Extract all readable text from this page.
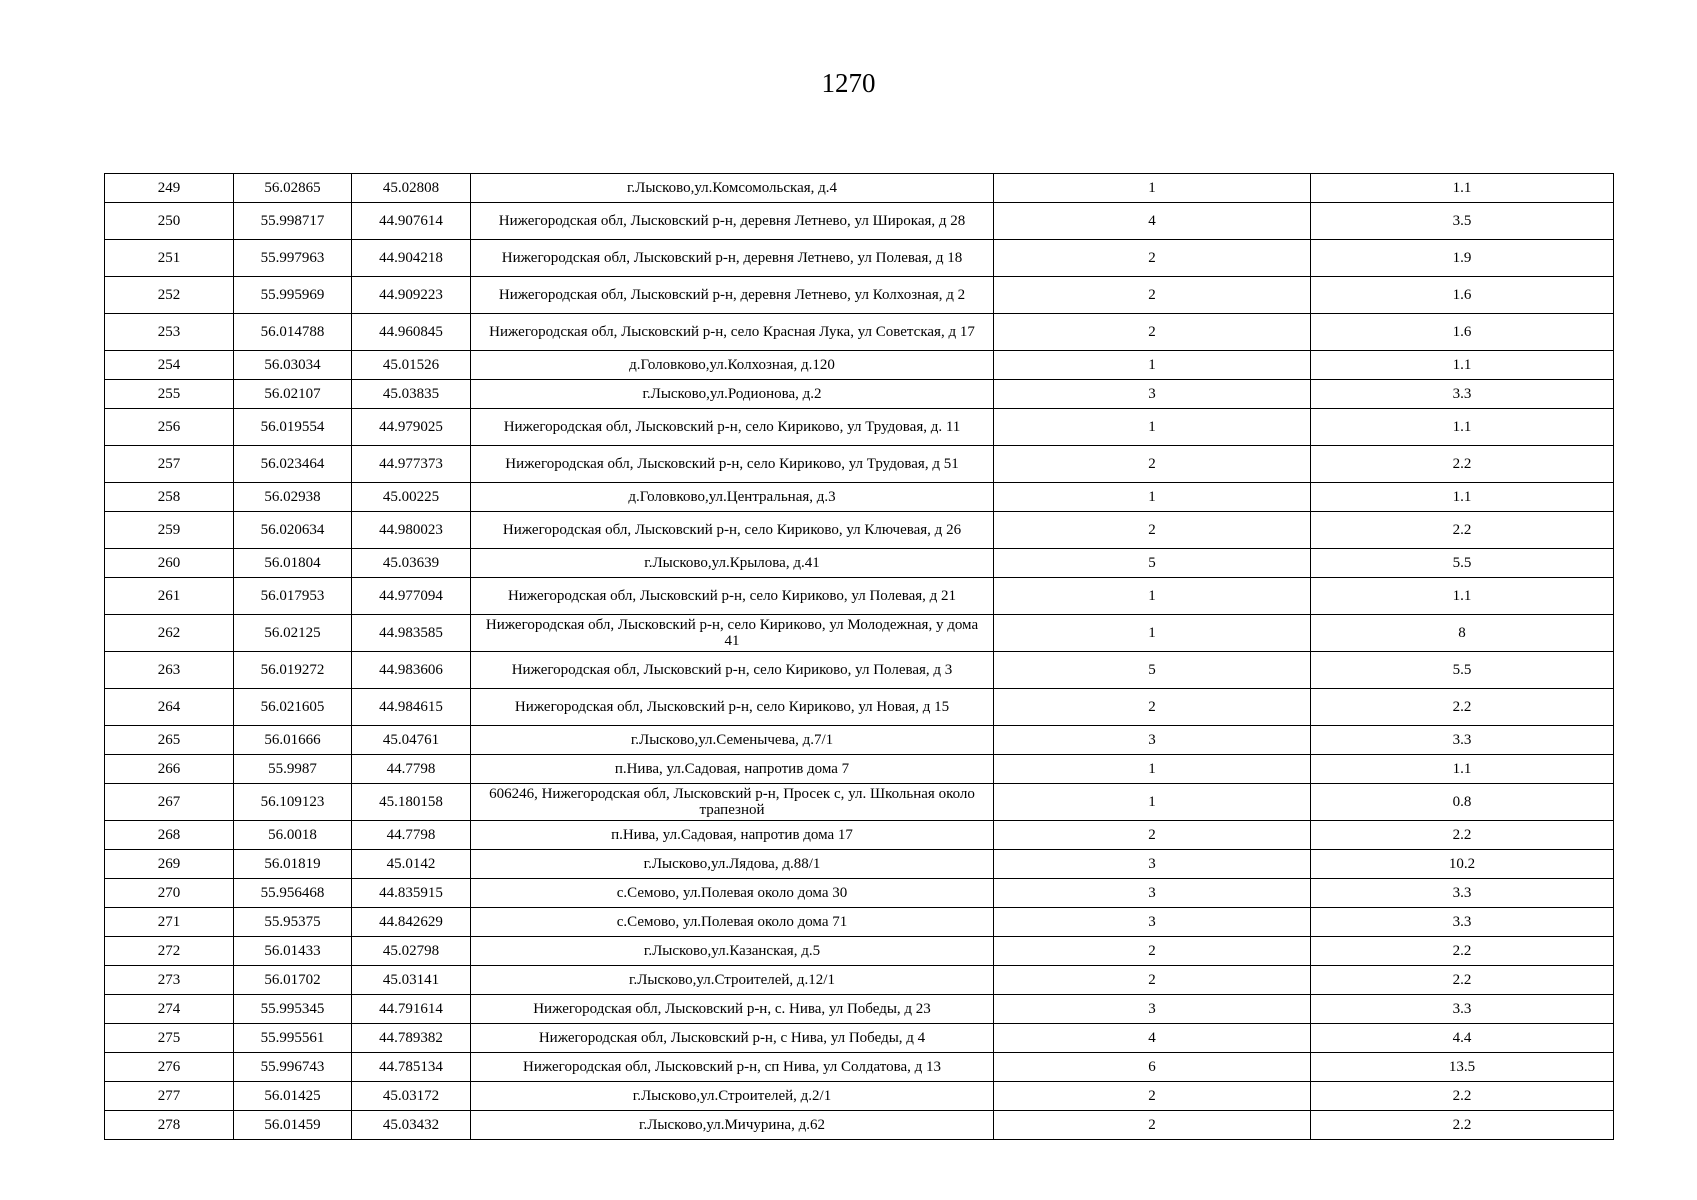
1270
249	56.02865	45.02808	г.Лысково,ул.Комсомольская, д.4	1	1.1
250	55.998717	44.907614	Нижегородская обл, Лысковский р-н, деревня Летнево, ул Широкая, д 28	4	3.5
251	55.997963	44.904218	Нижегородская обл, Лысковский р-н, деревня Летнево, ул Полевая, д 18	2	1.9
252	55.995969	44.909223	Нижегородская обл, Лысковский р-н, деревня Летнево, ул Колхозная, д 2	2	1.6
253	56.014788	44.960845	Нижегородская обл, Лысковский р-н, село Красная Лука, ул Советская, д 17	2	1.6
254	56.03034	45.01526	д.Головково,ул.Колхозная, д.120	1	1.1
255	56.02107	45.03835	г.Лысково,ул.Родионова, д.2	3	3.3
256	56.019554	44.979025	Нижегородская обл, Лысковский р-н, село Кириково, ул Трудовая, д. 11	1	1.1
257	56.023464	44.977373	Нижегородская обл, Лысковский р-н, село Кириково, ул Трудовая, д 51	2	2.2
258	56.02938	45.00225	д.Головково,ул.Центральная, д.3	1	1.1
259	56.020634	44.980023	Нижегородская обл, Лысковский р-н, село Кириково, ул Ключевая, д 26	2	2.2
260	56.01804	45.03639	г.Лысково,ул.Крылова, д.41	5	5.5
261	56.017953	44.977094	Нижегородская обл, Лысковский р-н, село Кириково, ул Полевая, д 21	1	1.1
262	56.02125	44.983585	Нижегородская обл, Лысковский р-н, село Кириково, ул Молодежная, у дома 41	1	8
263	56.019272	44.983606	Нижегородская обл, Лысковский р-н, село Кириково, ул Полевая, д 3	5	5.5
264	56.021605	44.984615	Нижегородская обл, Лысковский р-н, село Кириково, ул Новая, д 15	2	2.2
265	56.01666	45.04761	г.Лысково,ул.Семенычева, д.7/1	3	3.3
266	55.9987	44.7798	п.Нива, ул.Садовая, напротив дома 7	1	1.1
267	56.109123	45.180158	606246, Нижегородская обл, Лысковский р-н, Просек с, ул. Школьная около трапезной	1	0.8
268	56.0018	44.7798	п.Нива, ул.Садовая, напротив дома 17	2	2.2
269	56.01819	45.0142	г.Лысково,ул.Лядова, д.88/1	3	10.2
270	55.956468	44.835915	с.Семово, ул.Полевая около дома 30	3	3.3
271	55.95375	44.842629	с.Семово, ул.Полевая около дома 71	3	3.3
272	56.01433	45.02798	г.Лысково,ул.Казанская, д.5	2	2.2
273	56.01702	45.03141	г.Лысково,ул.Строителей, д.12/1	2	2.2
274	55.995345	44.791614	Нижегородская обл, Лысковский р-н, с. Нива, ул Победы, д 23	3	3.3
275	55.995561	44.789382	Нижегородская обл, Лысковский р-н, с Нива, ул Победы, д 4	4	4.4
276	55.996743	44.785134	Нижегородская обл, Лысковский р-н, сп Нива, ул Солдатова, д 13	6	13.5
277	56.01425	45.03172	г.Лысково,ул.Строителей, д.2/1	2	2.2
278	56.01459	45.03432	г.Лысково,ул.Мичурина, д.62	2	2.2
